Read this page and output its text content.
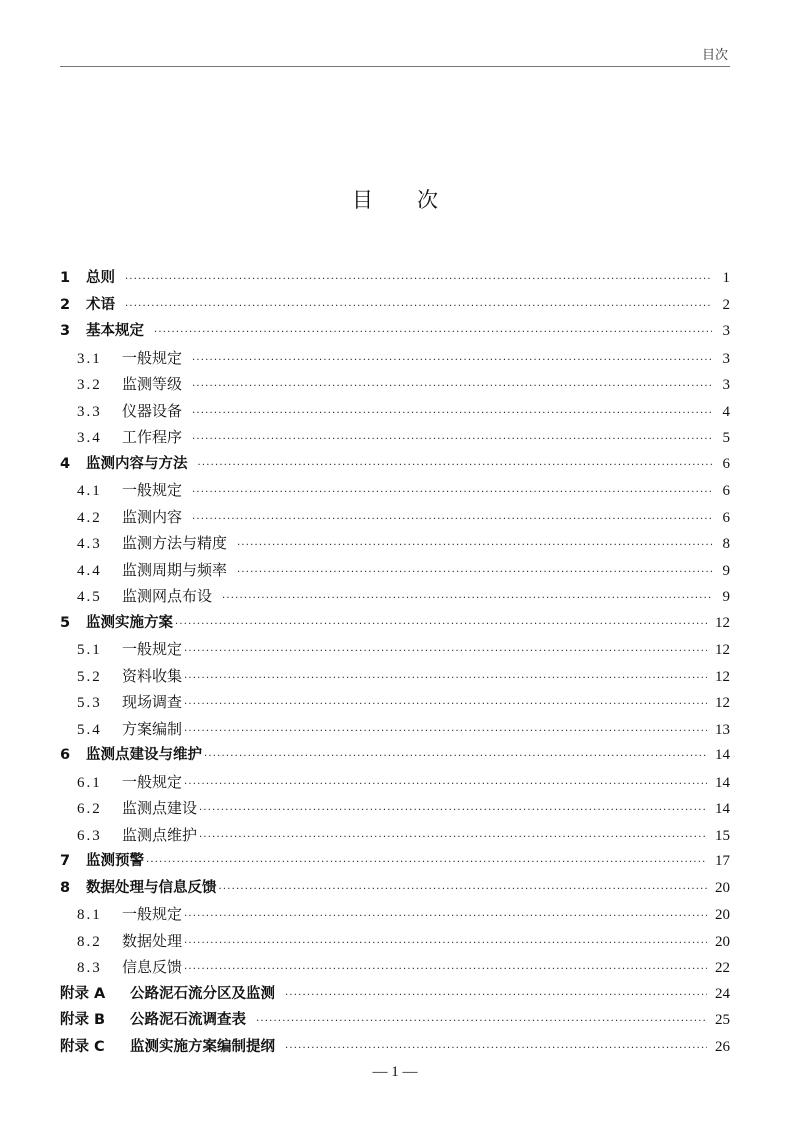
目次
目 次
1	总则 ·····	1
2	术语 ·····	2
3	基本规定 ·····	3
3.1	一般规定 ·····	3
3.2	监测等级 ·····	3
3.3	仪器设备 ·····	4
3.4	工作程序 ·····	5
4	监测内容与方法 ·····	6
4.1	一般规定 ·····	6
4.2	监测内容 ·····	6
4.3	监测方法与精度 ·····	8
4.4	监测周期与频率 ·····	9
4.5	监测网点布设 ·····	9
5	监测实施方案 ·····	12
5.1	一般规定 ·····	12
5.2	资料收集 ·····	12
5.3	现场调查 ·····	12
5.4	方案编制 ·····	13
6	监测点建设与维护 ·····	14
6.1	一般规定 ·····	14
6.2	监测点建设 ·····	14
6.3	监测点维护 ·····	15
7	监测预警 ·····	17
8	数据处理与信息反馈 ·····	20
8.1	一般规定 ·····	20
8.2	数据处理 ·····	20
8.3	信息反馈 ·····	22
附录 A	公路泥石流分区及监测 ·····	24
附录 B	公路泥石流调查表 ·····	25
附录 C	监测实施方案编制提纲 ·····	26
— 1 —
